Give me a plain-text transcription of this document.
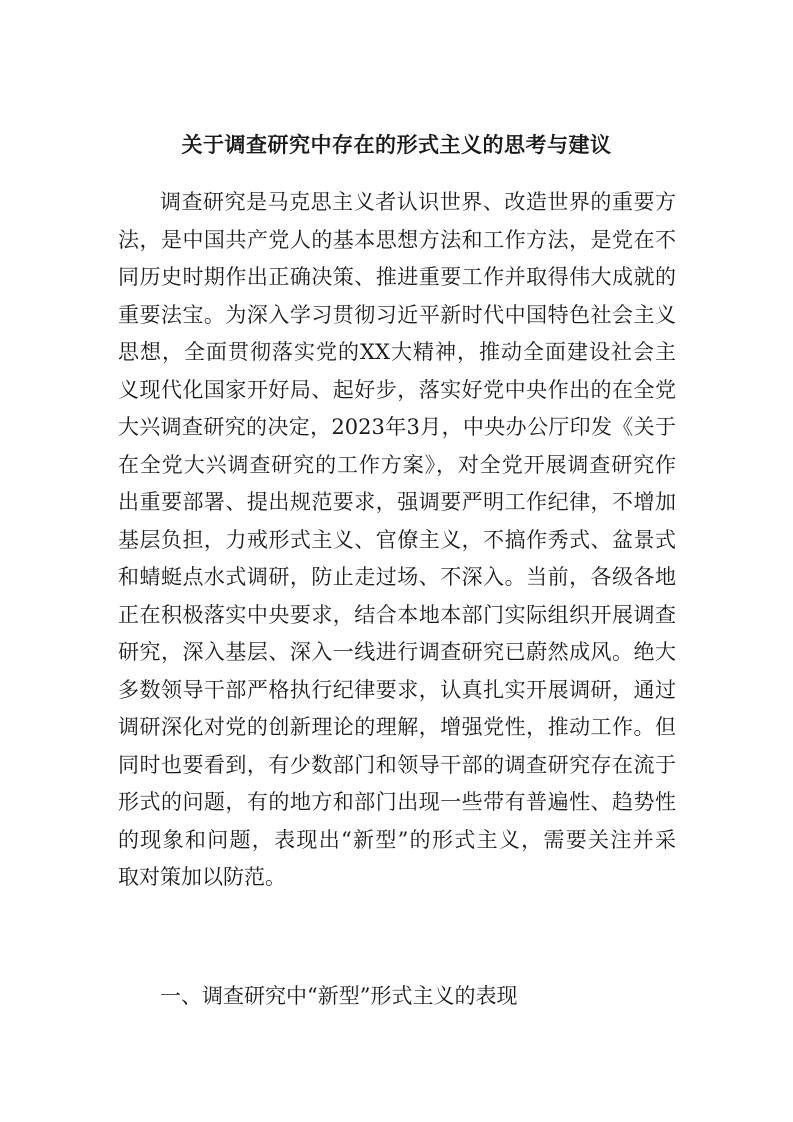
关于调查研究中存在的形式主义的思考与建议
调查研究是马克思主义者认识世界、改造世界的重要方
法，是中国共产党人的基本思想方法和工作方法，是党在不
同历史时期作出正确决策、推进重要工作并取得伟大成就的
重要法宝。为深入学习贯彻习近平新时代中国特色社会主义
思想，全面贯彻落实党的XX大精神，推动全面建设社会主
义现代化国家开好局、起好步，落实好党中央作出的在全党
大兴调查研究的决定，2023年3月，中央办公厅印发《关于
在全党大兴调查研究的工作方案》，对全党开展调查研究作
出重要部署、提出规范要求，强调要严明工作纪律，不增加
基层负担，力戒形式主义、官僚主义，不搞作秀式、盆景式
和蜻蜓点水式调研，防止走过场、不深入。当前，各级各地
正在积极落实中央要求，结合本地本部门实际组织开展调查
研究，深入基层、深入一线进行调查研究已蔚然成风。绝大
多数领导干部严格执行纪律要求，认真扎实开展调研，通过
调研深化对党的创新理论的理解，增强党性，推动工作。但
同时也要看到，有少数部门和领导干部的调查研究存在流于
形式的问题，有的地方和部门出现一些带有普遍性、趋势性
的现象和问题，表现出“新型”的形式主义，需要关注并采
取对策加以防范。
一、调查研究中“新型”形式主义的表现
